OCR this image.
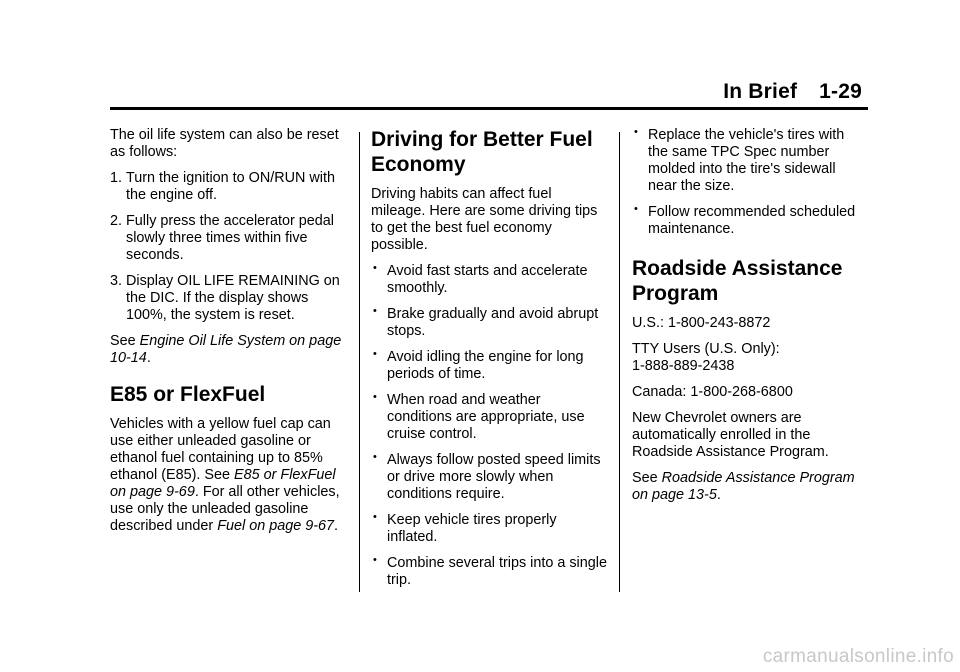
In Brief 1-29

The oil life system can also be reset as follows:

1. Turn the ignition to ON/RUN with the engine off.
2. Fully press the accelerator pedal slowly three times within five seconds.
3. Display OIL LIFE REMAINING on the DIC. If the display shows 100%, the system is reset.

See Engine Oil Life System on page 10-14.

E85 or FlexFuel

Vehicles with a yellow fuel cap can use either unleaded gasoline or ethanol fuel containing up to 85% ethanol (E85). See E85 or FlexFuel on page 9-69. For all other vehicles, use only the unleaded gasoline described under Fuel on page 9-67.

Driving for Better Fuel Economy

Driving habits can affect fuel mileage. Here are some driving tips to get the best fuel economy possible.

• Avoid fast starts and accelerate smoothly.
• Brake gradually and avoid abrupt stops.
• Avoid idling the engine for long periods of time.
• When road and weather conditions are appropriate, use cruise control.
• Always follow posted speed limits or drive more slowly when conditions require.
• Keep vehicle tires properly inflated.
• Combine several trips into a single trip.
• Replace the vehicle's tires with the same TPC Spec number molded into the tire's sidewall near the size.
• Follow recommended scheduled maintenance.
Roadside Assistance Program

U.S.: 1-800-243-8872

TTY Users (U.S. Only):
1-888-889-2438

Canada: 1-800-268-6800

New Chevrolet owners are automatically enrolled in the Roadside Assistance Program.

See Roadside Assistance Program on page 13-5.

carmanualsonline.info
